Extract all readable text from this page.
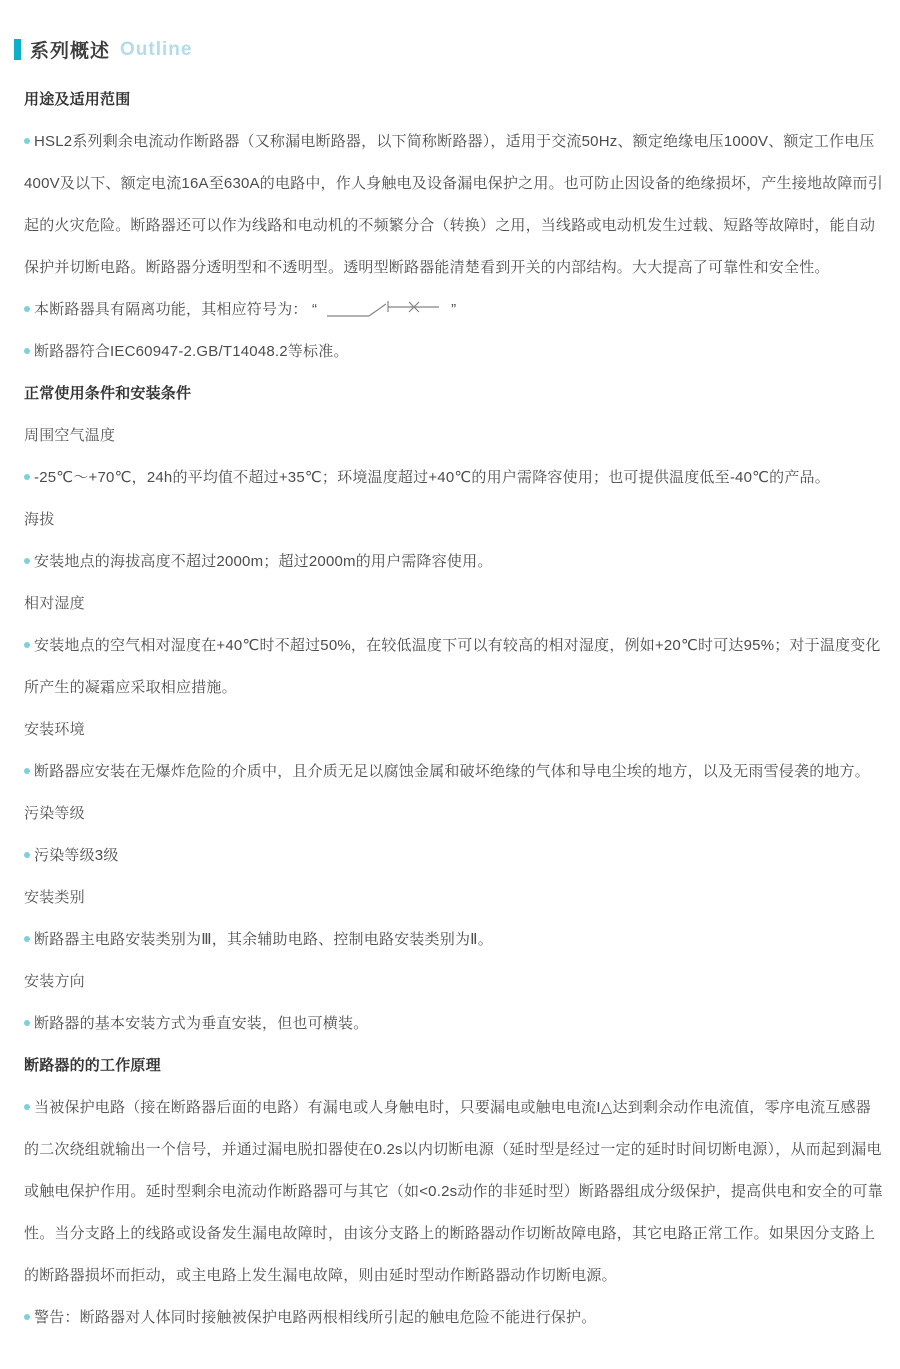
系列概述 Outline

用途及适用范围

HSL2系列剩余电流动作断路器（又称漏电断路器，以下简称断路器），适用于交流50Hz、额定绝缘电压1000V、额定工作电压400V及以下、额定电流16A至630A的电路中，作人身触电及设备漏电保护之用。也可防止因设备的绝缘损坏，产生接地故障而引起的火灾危险。断路器还可以作为线路和电动机的不频繁分合（转换）之用，当线路或电动机发生过载、短路等故障时，能自动保护并切断电路。断路器分透明型和不透明型。透明型断路器能清楚看到开关的内部结构。大大提高了可靠性和安全性。

本断路器具有隔离功能，其相应符号为： “	”

断路器符合IEC60947-2.GB/T14048.2等标准。

正常使用条件和安装条件

周围空气温度

-25℃～+70℃，24h的平均值不超过+35℃；环境温度超过+40℃的用户需降容使用；也可提供温度低至-40℃的产品。

海拔

安装地点的海拔高度不超过2000m；超过2000m的用户需降容使用。

相对湿度

安装地点的空气相对湿度在+40℃时不超过50%，在较低温度下可以有较高的相对湿度，例如+20℃时可达95%；对于温度变化所产生的凝霜应采取相应措施。

安装环境

断路器应安装在无爆炸危险的介质中，且介质无足以腐蚀金属和破坏绝缘的气体和导电尘埃的地方，以及无雨雪侵袭的地方。

污染等级

污染等级3级

安装类别

断路器主电路安装类别为Ⅲ，其余辅助电路、控制电路安装类别为Ⅱ。

安装方向

断路器的基本安装方式为垂直安装，但也可横装。

断路器的的工作原理

当被保护电路（接在断路器后面的电路）有漏电或人身触电时，只要漏电或触电电流I△达到剩余动作电流值，零序电流互感器的二次绕组就输出一个信号，并通过漏电脱扣器使在0.2s以内切断电源（延时型是经过一定的延时时间切断电源），从而起到漏电或触电保护作用。延时型剩余电流动作断路器可与其它（如<0.2s动作的非延时型）断路器组成分级保护，提高供电和安全的可靠性。当分支路上的线路或设备发生漏电故障时，由该分支路上的断路器动作切断故障电路，其它电路正常工作。如果因分支路上的断路器损坏而拒动，或主电路上发生漏电故障，则由延时型动作断路器动作切断电源。

警告：断路器对人体同时接触被保护电路两根相线所引起的触电危险不能进行保护。
